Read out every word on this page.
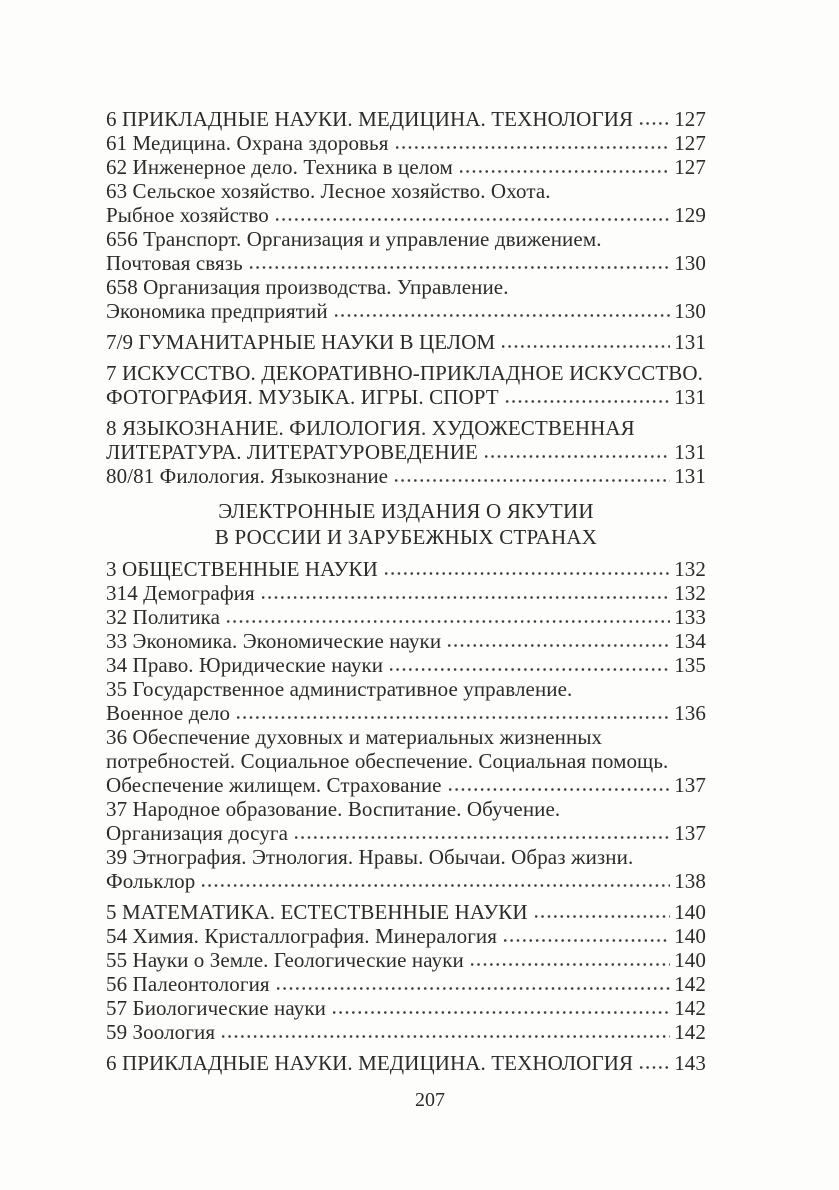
6 ПРИКЛАДНЫЕ НАУКИ. МЕДИЦИНА. ТЕХНОЛОГИЯ 127
61 Медицина. Охрана здоровья	127
62 Инженерное дело. Техника в целом	127
63 Сельское хозяйство. Лесное хозяйство. Охота.
Рыбное хозяйство	129
656 Транспорт. Организация и управление движением.
Почтовая связь	130
658 Организация производства. Управление.
Экономика предприятий	130
7/9 ГУМАНИТАРНЫЕ НАУКИ В ЦЕЛОМ	131
7 ИСКУССТВО. ДЕКОРАТИВНО-ПРИКЛАДНОЕ ИСКУССТВО.
ФОТОГРАФИЯ. МУЗЫКА. ИГРЫ. СПОРТ	131
8 ЯЗЫКОЗНАНИЕ. ФИЛОЛОГИЯ. ХУДОЖЕСТВЕННАЯ
ЛИТЕРАТУРА. ЛИТЕРАТУРОВЕДЕНИЕ	131
80/81 Филология. Языкознание	131
ЭЛЕКТРОННЫЕ ИЗДАНИЯ О ЯКУТИИ
В РОССИИ И ЗАРУБЕЖНЫХ СТРАНАХ
3 ОБЩЕСТВЕННЫЕ НАУКИ	132
314 Демография	132
32 Политика	133
33 Экономика. Экономические науки	134
34 Право. Юридические науки	135
35 Государственное административное управление.
Военное дело	136
36 Обеспечение духовных и материальных жизненных
потребностей. Социальное обеспечение. Социальная помощь.
Обеспечение жилищем. Страхование	137
37 Народное образование. Воспитание. Обучение.
Организация досуга	137
39 Этнография. Этнология. Нравы. Обычаи. Образ жизни.
Фольклор	138
5 МАТЕМАТИКА. ЕСТЕСТВЕННЫЕ НАУКИ	140
54 Химия. Кристаллография. Минералогия	140
55 Науки о Земле. Геологические науки	140
56 Палеонтология	142
57 Биологические науки	142
59 Зоология	142
6 ПРИКЛАДНЫЕ НАУКИ. МЕДИЦИНА. ТЕХНОЛОГИЯ 143
207
